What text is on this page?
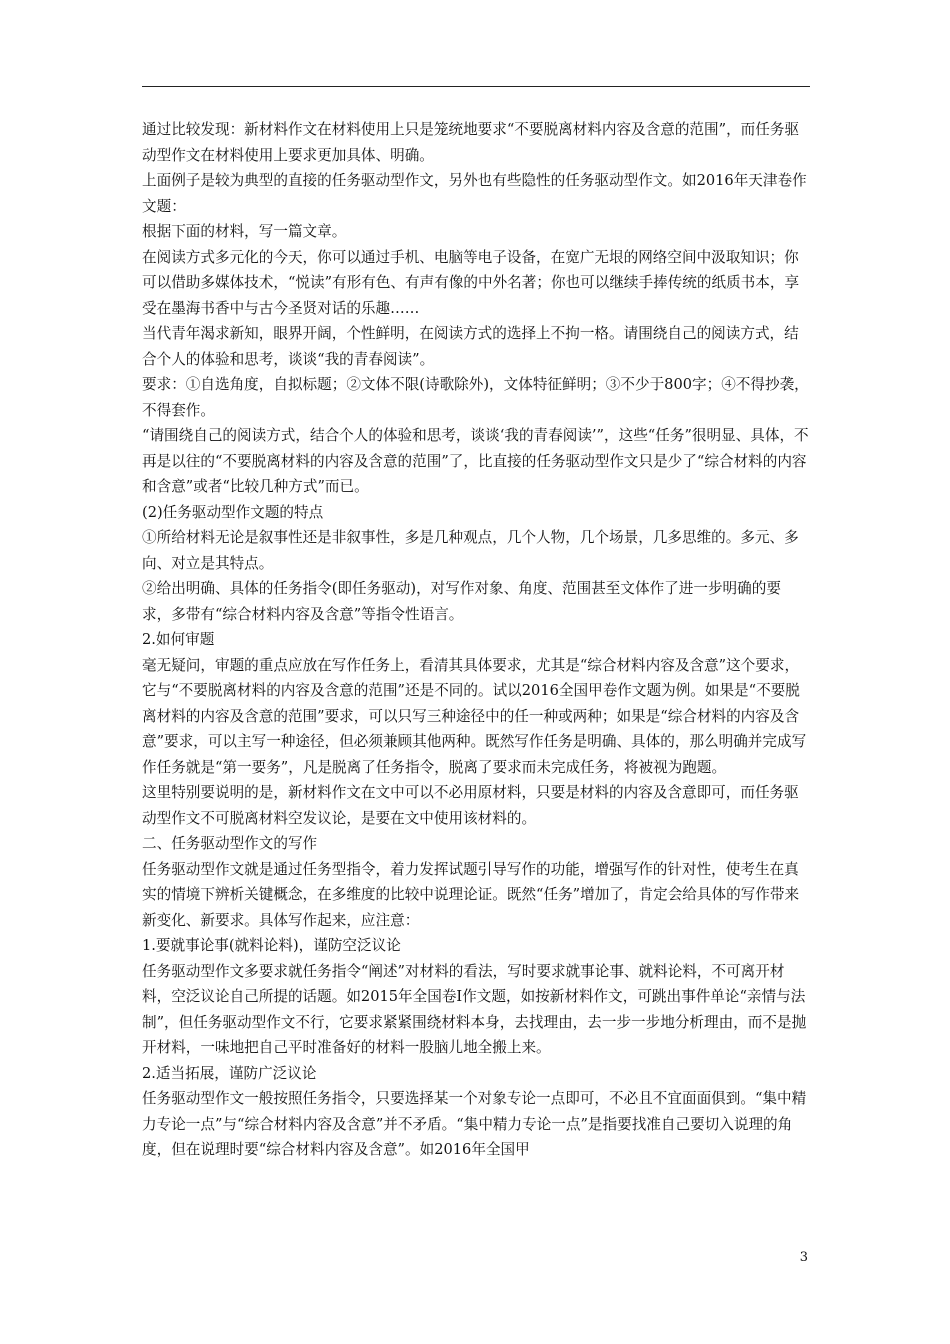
通过比较发现：新材料作文在材料使用上只是笼统地要求“不要脱离材料内容及含意的范围”，而任务驱动型作文在材料使用上要求更加具体、明确。

上面例子是较为典型的直接的任务驱动型作文，另外也有些隐性的任务驱动型作文。如2016年天津卷作文题：

根据下面的材料，写一篇文章。

在阅读方式多元化的今天，你可以通过手机、电脑等电子设备，在宽广无垠的网络空间中汲取知识；你可以借助多媒体技术，“悦读”有形有色、有声有像的中外名著；你也可以继续手捧传统的纸质书本，享受在墨海书香中与古今圣贤对话的乐趣……

当代青年渴求新知，眼界开阔，个性鲜明，在阅读方式的选择上不拘一格。请围绕自己的阅读方式，结合个人的体验和思考，谈谈“我的青春阅读”。

要求：①自选角度，自拟标题；②文体不限(诗歌除外)，文体特征鲜明；③不少于800字；④不得抄袭，不得套作。

“请围绕自己的阅读方式，结合个人的体验和思考，谈谈‘我的青春阅读’”，这些“任务”很明显、具体，不再是以往的“不要脱离材料的内容及含意的范围”了，比直接的任务驱动型作文只是少了“综合材料的内容和含意”或者“比较几种方式”而已。

(2)任务驱动型作文题的特点

①所给材料无论是叙事性还是非叙事性，多是几种观点，几个人物，几个场景，几多思维的。多元、多向、对立是其特点。

②给出明确、具体的任务指令(即任务驱动)，对写作对象、角度、范围甚至文体作了进一步明确的要求，多带有“综合材料内容及含意”等指令性语言。

2.如何审题

毫无疑问，审题的重点应放在写作任务上，看清其具体要求，尤其是“综合材料内容及含意”这个要求，它与“不要脱离材料的内容及含意的范围”还是不同的。试以2016全国甲卷作文题为例。如果是“不要脱离材料的内容及含意的范围”要求，可以只写三种途径中的任一种或两种；如果是“综合材料的内容及含意”要求，可以主写一种途径，但必须兼顾其他两种。既然写作任务是明确、具体的，那么明确并完成写作任务就是“第一要务”，凡是脱离了任务指令，脱离了要求而未完成任务，将被视为跑题。

这里特别要说明的是，新材料作文在文中可以不必用原材料，只要是材料的内容及含意即可，而任务驱动型作文不可脱离材料空发议论，是要在文中使用该材料的。

二、任务驱动型作文的写作

任务驱动型作文就是通过任务型指令，着力发挥试题引导写作的功能，增强写作的针对性，使考生在真实的情境下辨析关键概念，在多维度的比较中说理论证。既然“任务”增加了，肯定会给具体的写作带来新变化、新要求。具体写作起来，应注意：

1.要就事论事(就料论料)，谨防空泛议论

任务驱动型作文多要求就任务指令“阐述”对材料的看法，写时要求就事论事、就料论料，不可离开材料，空泛议论自己所提的话题。如2015年全国卷Ⅰ作文题，如按新材料作文，可跳出事件单论“亲情与法制”，但任务驱动型作文不行，它要求紧紧围绕材料本身，去找理由，去一步一步地分析理由，而不是抛开材料，一味地把自己平时准备好的材料一股脑儿地全搬上来。

2.适当拓展，谨防广泛议论

任务驱动型作文一般按照任务指令，只要选择某一个对象专论一点即可，不必且不宜面面俱到。“集中精力专论一点”与“综合材料内容及含意”并不矛盾。“集中精力专论一点”是指要找准自己要切入说理的角度，但在说理时要“综合材料内容及含意”。如2016年全国甲

3
